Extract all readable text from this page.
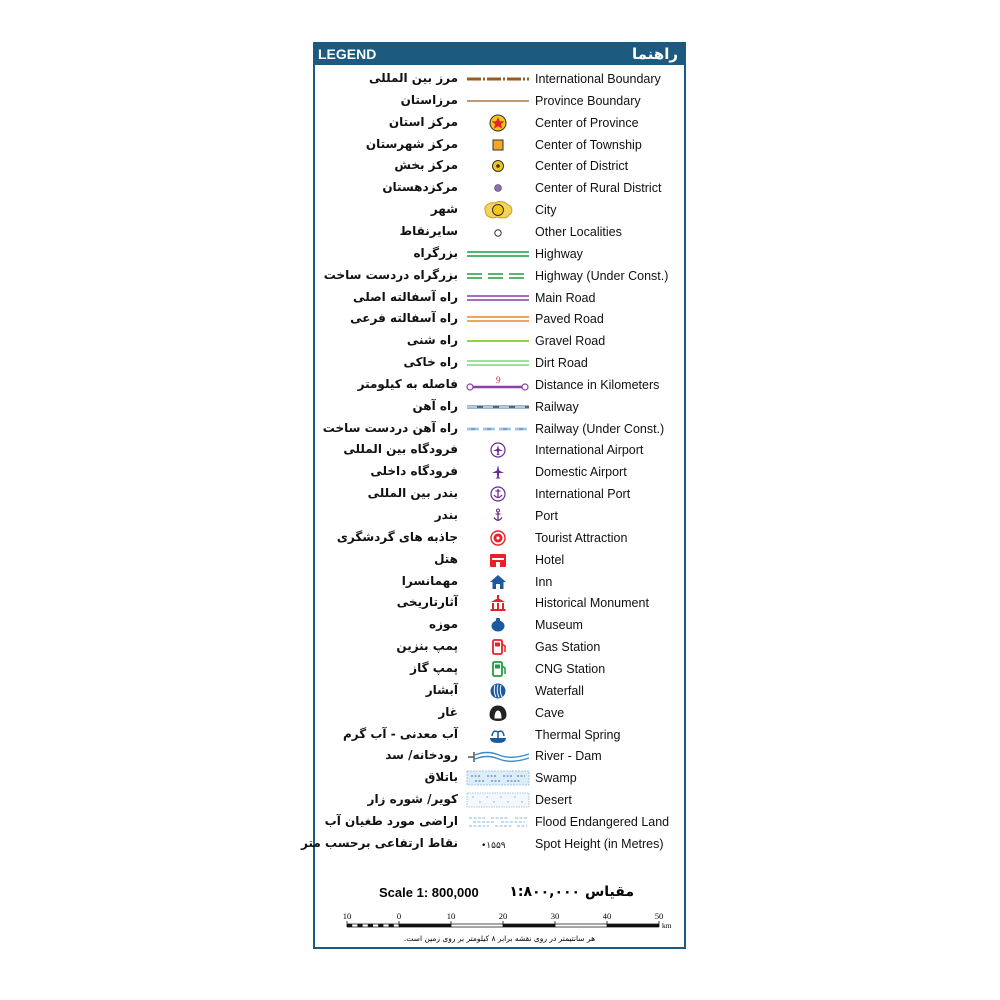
LEGEND	راهنما
مرز بین المللی	International Boundary
مرزاستان	Province Boundary
مرکز استان	Center of Province
مرکز شهرستان	Center of Township
مرکز بخش	Center of District
مرکزدهستان	Center of Rural District
شهر	City
سایرنقاط	Other Localities
بزرگراه	Highway
بزرگراه دردست ساخت	Highway (Under Const.)
راه آسفالته اصلی	Main Road
راه آسفالته فرعی	Paved Road
راه شنی	Gravel Road
راه خاکی	Dirt Road
فاصله به کیلومتر	9	Distance in Kilometers
راه آهن	Railway
راه آهن دردست ساخت	Railway (Under Const.)
فرودگاه بین المللی	International Airport
فرودگاه داخلی	Domestic Airport
بندر بین المللی	International Port
بندر	Port
جاذبه های گردشگری	Tourist Attraction
هتل	Hotel
مهمانسرا	Inn
آثارتاریخی	Historical Monument
موزه	Museum
پمپ بنزین	Gas Station
پمپ گاز	CNG Station
آبشار	Waterfall
غار	Cave
آب معدنی - آب گرم	Thermal Spring
رودخانه/ سد	River - Dam
باتلاق	Swamp
کویر/ شوره زار	Desert
اراضی مورد طغیان آب	Flood Endangered Land
نقاط ارتفاعی برحسب متر	•۱۵۵۹ Spot Height (in Metres)
Scale 1: 800,000 مقیاس ۱:۸۰۰,۰۰۰
10	0	10	20	30	40	50
km
هر سانتیمتر در روی نقشه برابر ۸ کیلومتر بر روی زمین است.
